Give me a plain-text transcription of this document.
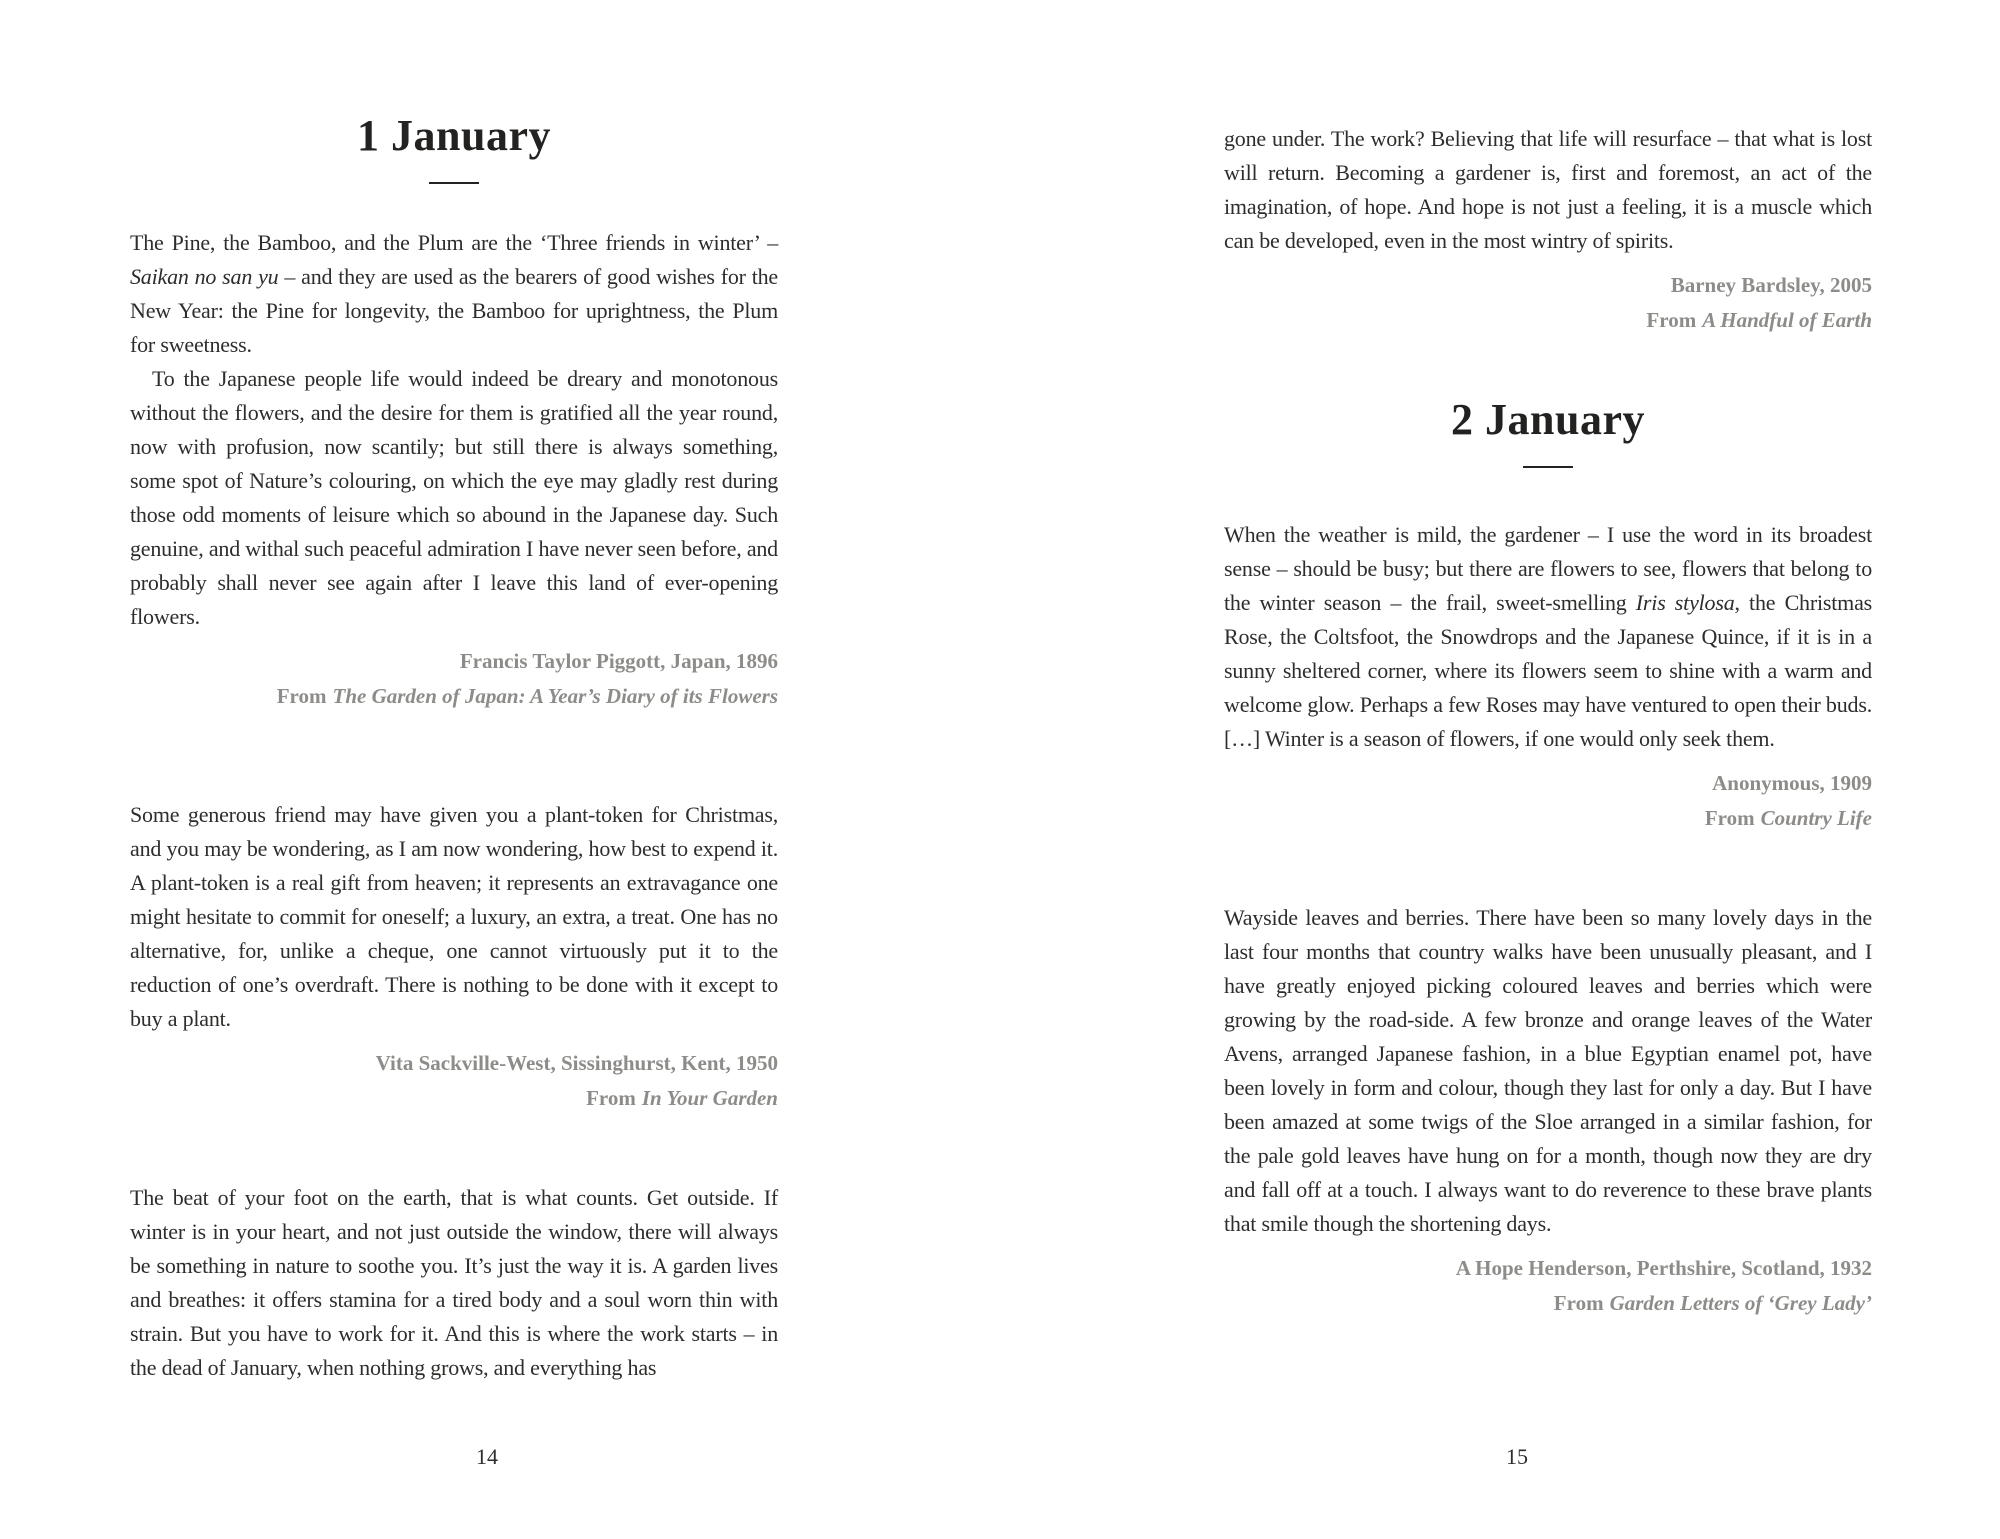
1 January

The Pine, the Bamboo, and the Plum are the ‘Three friends in winter’ – Saikan no san yu – and they are used as the bearers of good wishes for the New Year: the Pine for longevity, the Bamboo for uprightness, the Plum for sweetness.

To the Japanese people life would indeed be dreary and monotonous without the flowers, and the desire for them is gratified all the year round, now with profusion, now scantily; but still there is always something, some spot of Nature’s colouring, on which the eye may gladly rest during those odd moments of leisure which so abound in the Japanese day. Such genuine, and withal such peaceful admiration I have never seen before, and probably shall never see again after I leave this land of ever-opening flowers.

Francis Taylor Piggott, Japan, 1896
From The Garden of Japan: A Year’s Diary of its Flowers

Some generous friend may have given you a plant-token for Christmas, and you may be wondering, as I am now wondering, how best to expend it. A plant-token is a real gift from heaven; it represents an extravagance one might hesitate to commit for oneself; a luxury, an extra, a treat. One has no alternative, for, unlike a cheque, one cannot virtuously put it to the reduction of one’s overdraft. There is nothing to be done with it except to buy a plant.

Vita Sackville-West, Sissinghurst, Kent, 1950
From In Your Garden

The beat of your foot on the earth, that is what counts. Get outside. If winter is in your heart, and not just outside the window, there will always be something in nature to soothe you. It’s just the way it is. A garden lives and breathes: it offers stamina for a tired body and a soul worn thin with strain. But you have to work for it. And this is where the work starts – in the dead of January, when nothing grows, and everything has

gone under. The work? Believing that life will resurface – that what is lost will return. Becoming a gardener is, first and foremost, an act of the imagination, of hope. And hope is not just a feeling, it is a muscle which can be developed, even in the most wintry of spirits.

Barney Bardsley, 2005
From A Handful of Earth
2 January

When the weather is mild, the gardener – I use the word in its broadest sense – should be busy; but there are flowers to see, flowers that belong to the winter season – the frail, sweet-smelling Iris stylosa, the Christmas Rose, the Coltsfoot, the Snowdrops and the Japanese Quince, if it is in a sunny sheltered corner, where its flowers seem to shine with a warm and welcome glow. Perhaps a few Roses may have ventured to open their buds. […] Winter is a season of flowers, if one would only seek them.

Anonymous, 1909
From Country Life

Wayside leaves and berries. There have been so many lovely days in the last four months that country walks have been unusually pleasant, and I have greatly enjoyed picking coloured leaves and berries which were growing by the road-side. A few bronze and orange leaves of the Water Avens, arranged Japanese fashion, in a blue Egyptian enamel pot, have been lovely in form and colour, though they last for only a day. But I have been amazed at some twigs of the Sloe arranged in a similar fashion, for the pale gold leaves have hung on for a month, though now they are dry and fall off at a touch. I always want to do reverence to these brave plants that smile though the shortening days.

A Hope Henderson, Perthshire, Scotland, 1932
From Garden Letters of ‘Grey Lady’
14	15
